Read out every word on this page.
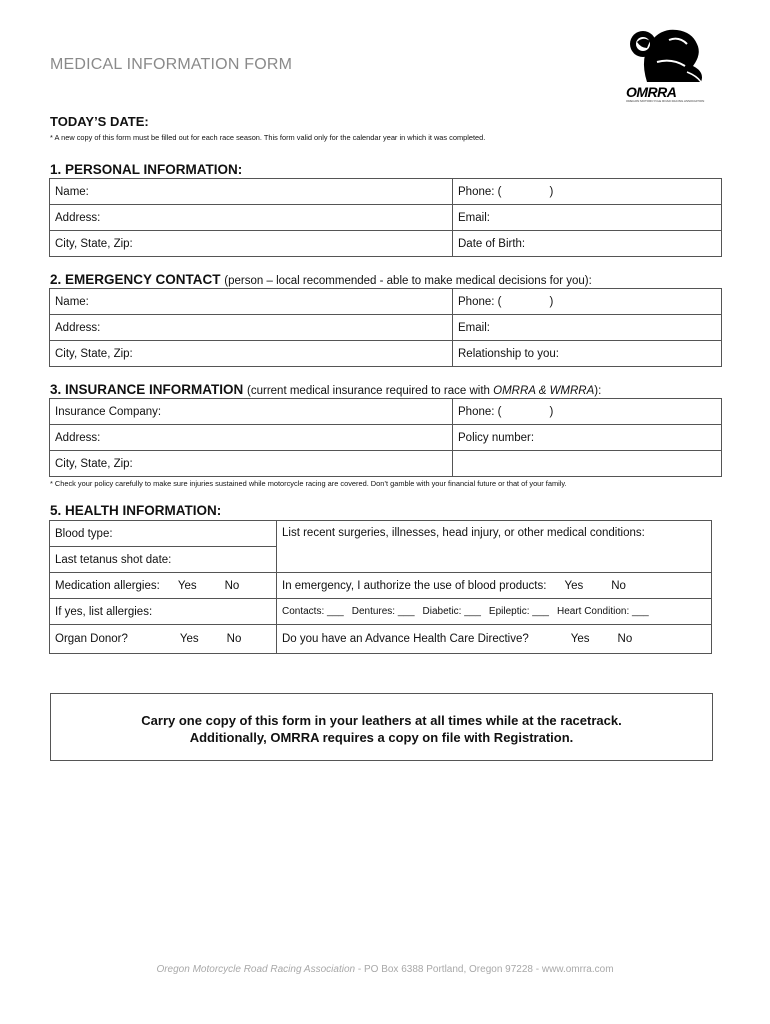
MEDICAL INFORMATION FORM
OMRRA
OREGON MOTORCYCLE ROAD RACING ASSOCIATION
TODAY’S DATE:
* A new copy of this form must be filled out for each race season. This form valid only for the calendar year in which it was completed.
1. PERSONAL INFORMATION:
Name:	Phone: ( )
Address:	Email:
City, State, Zip:	Date of Birth:
2. EMERGENCY CONTACT (person – local recommended - able to make medical decisions for you):
Name:	Phone: ( )
Address:	Email:
City, State, Zip:	Relationship to you:
3. INSURANCE INFORMATION (current medical insurance required to race with OMRRA & WMRRA):
Insurance Company:	Phone: ( )
Address:	Policy number:
City, State, Zip:	
* Check your policy carefully to make sure injuries sustained while motorcycle racing are covered. Don’t gamble with your financial future or that of your family.
5. HEALTH INFORMATION:
Blood type:	List recent surgeries, illnesses, head injury, or other medical conditions:
Last tetanus shot date:	
Medication allergies: Yes No	In emergency, I authorize the use of blood products: Yes No
If yes, list allergies:	Contacts: ___ Dentures: ___ Diabetic: ___ Epileptic: ___ Heart Condition: ___
Organ Donor? Yes No	Do you have an Advance Health Care Directive? Yes No
Carry one copy of this form in your leathers at all times while at the racetrack.
Additionally, OMRRA requires a copy on file with Registration.
Oregon Motorcycle Road Racing Association - PO Box 6388 Portland, Oregon 97228 - www.omrra.com
